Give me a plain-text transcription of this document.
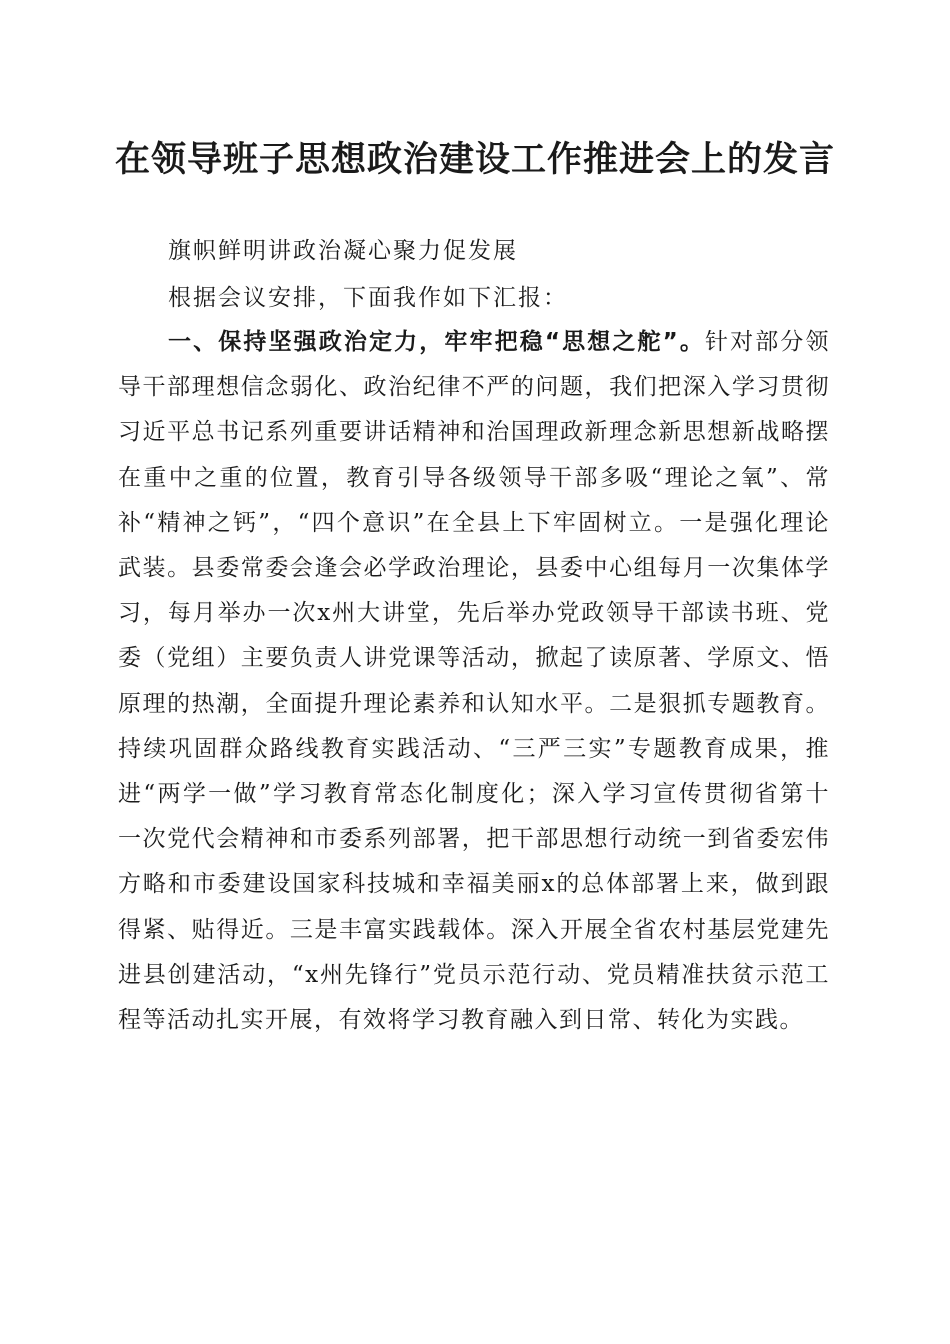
在领导班子思想政治建设工作推进会上的发言
旗帜鲜明讲政治凝心聚力促发展
根据会议安排，下面我作如下汇报：

一、保持坚强政治定力，牢牢把稳“思想之舵”。针对部分领导干部理想信念弱化、政治纪律不严的问题，我们把深入学习贯彻习近平总书记系列重要讲话精神和治国理政新理念新思想新战略摆在重中之重的位置，教育引导各级领导干部多吸“理论之氧”、常补“精神之钙”，“四个意识”在全县上下牢固树立。一是强化理论武装。县委常委会逢会必学政治理论，县委中心组每月一次集体学习，每月举办一次x州大讲堂，先后举办党政领导干部读书班、党委（党组）主要负责人讲党课等活动，掀起了读原著、学原文、悟原理的热潮，全面提升理论素养和认知水平。二是狠抓专题教育。持续巩固群众路线教育实践活动、“三严三实”专题教育成果，推进“两学一做”学习教育常态化制度化；深入学习宣传贯彻省第十一次党代会精神和市委系列部署，把干部思想行动统一到省委宏伟方略和市委建设国家科技城和幸福美丽x的总体部署上来，做到跟得紧、贴得近。三是丰富实践载体。深入开展全省农村基层党建先进县创建活动，“x州先锋行”党员示范行动、党员精准扶贫示范工程等活动扎实开展，有效将学习教育融入到日常、转化为实践。
